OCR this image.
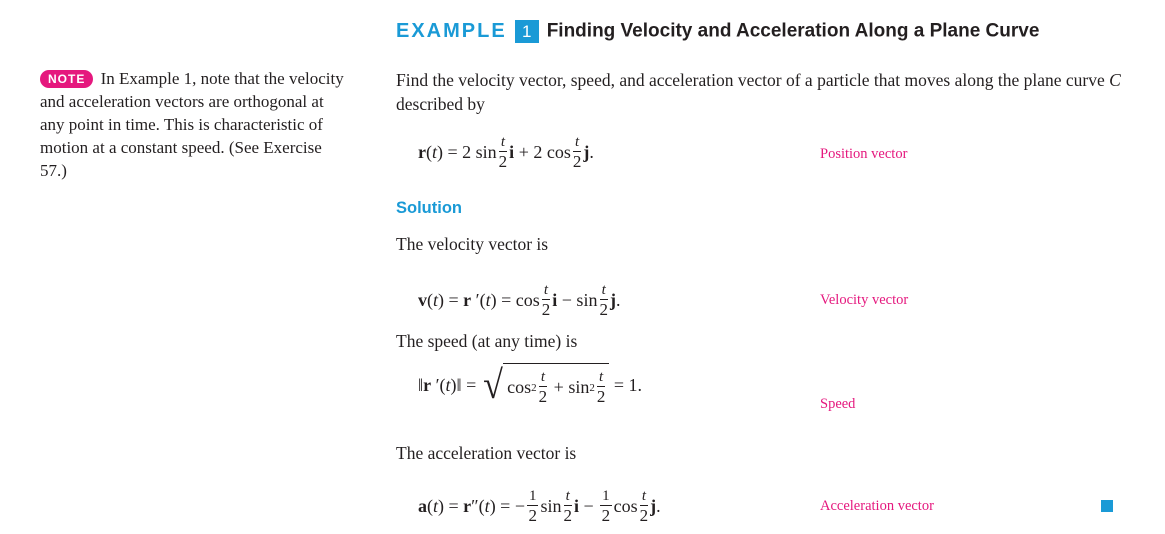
EXAMPLE 1 Finding Velocity and Acceleration Along a Plane Curve
NOTE In Example 1, note that the velocity and acceleration vectors are orthogonal at any point in time. This is characteristic of motion at a constant speed. (See Exercise 57.)
Find the velocity vector, speed, and acceleration vector of a particle that moves along the plane curve C described by
r ( t ) = 2 $\sin \frac{t}{2}$ i + 2 $\cos \frac{t}{2}$ j .	Position vector
Solution
The velocity vector is
v ( t ) = r ′( t ) = $\cos \frac{t}{2}$ $i - \sin \frac{t}{2}$ j .	Velocity vector
The speed (at any time) is
‖ r ′( t )‖ = √ $\cos 2 \frac{t}{2} + \sin 2 \frac{t}{2} = 1$.
Speed
The acceleration vector is
a ( t ) = r ″( t ) = − $\frac{1}{2}$ $\sin \frac{t}{2}$ $i - \frac{1}{2}$ $\cos \frac{t}{2}$ j .	Acceleration vector
